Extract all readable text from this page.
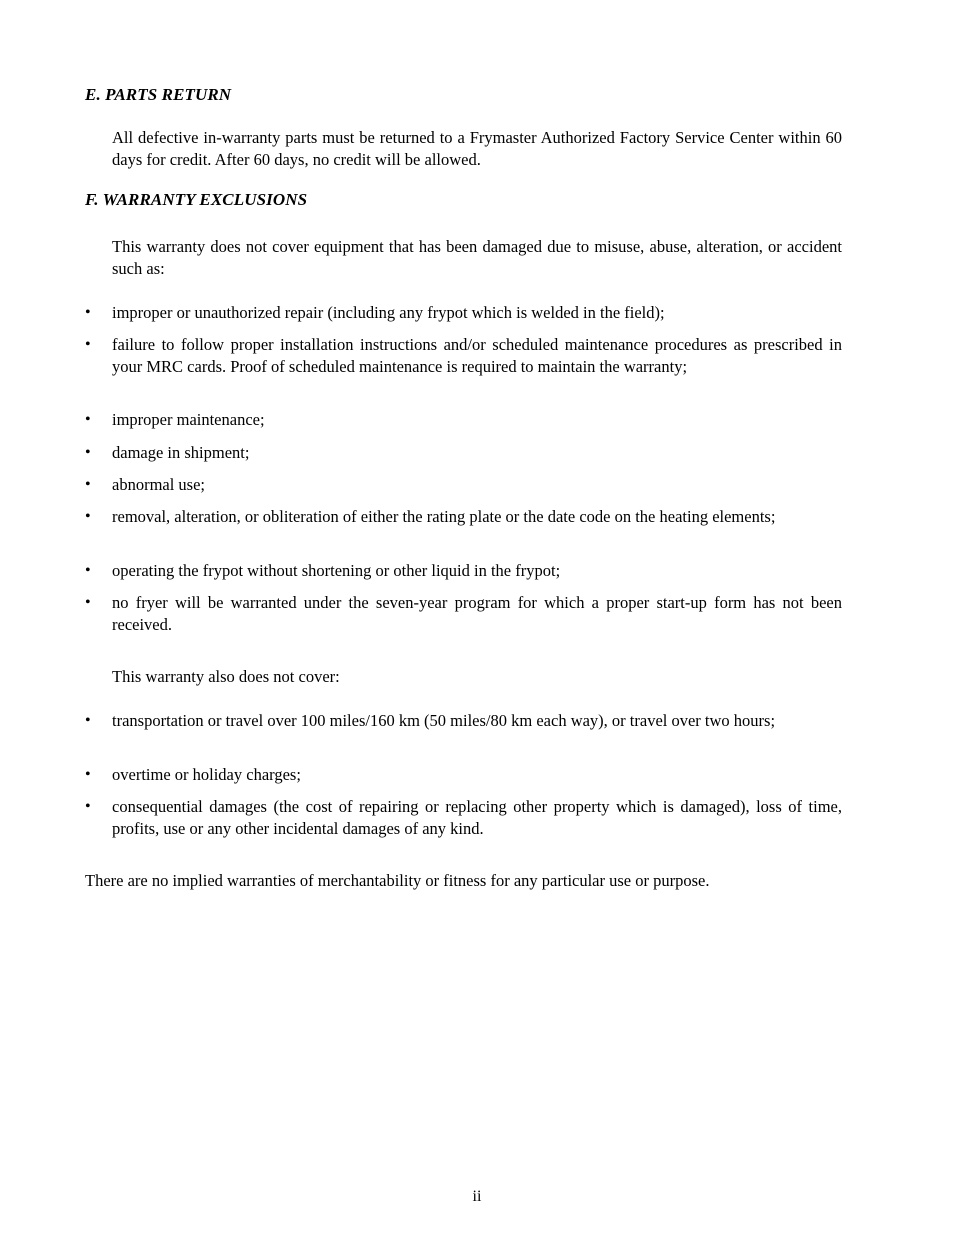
E. PARTS RETURN

All defective in-warranty parts must be returned to a Frymaster Authorized Factory Service Center within 60 days for credit. After 60 days, no credit will be allowed.

F. WARRANTY EXCLUSIONS

This warranty does not cover equipment that has been damaged due to misuse, abuse, alteration, or accident such as:

• improper or unauthorized repair (including any frypot which is welded in the field);
• failure to follow proper installation instructions and/or scheduled maintenance procedures as prescribed in your MRC cards. Proof of scheduled maintenance is required to maintain the warranty;
• improper maintenance;
• damage in shipment;
• abnormal use;
• removal, alteration, or obliteration of either the rating plate or the date code on the heating elements;
• operating the frypot without shortening or other liquid in the frypot;
• no fryer will be warranted under the seven-year program for which a proper start-up form has not been received.

This warranty also does not cover:

• transportation or travel over 100 miles/160 km (50 miles/80 km each way), or travel over two hours;
• overtime or holiday charges;
• consequential damages (the cost of repairing or replacing other property which is damaged), loss of time, profits, use or any other incidental damages of any kind.

There are no implied warranties of merchantability or fitness for any particular use or purpose.

ii
